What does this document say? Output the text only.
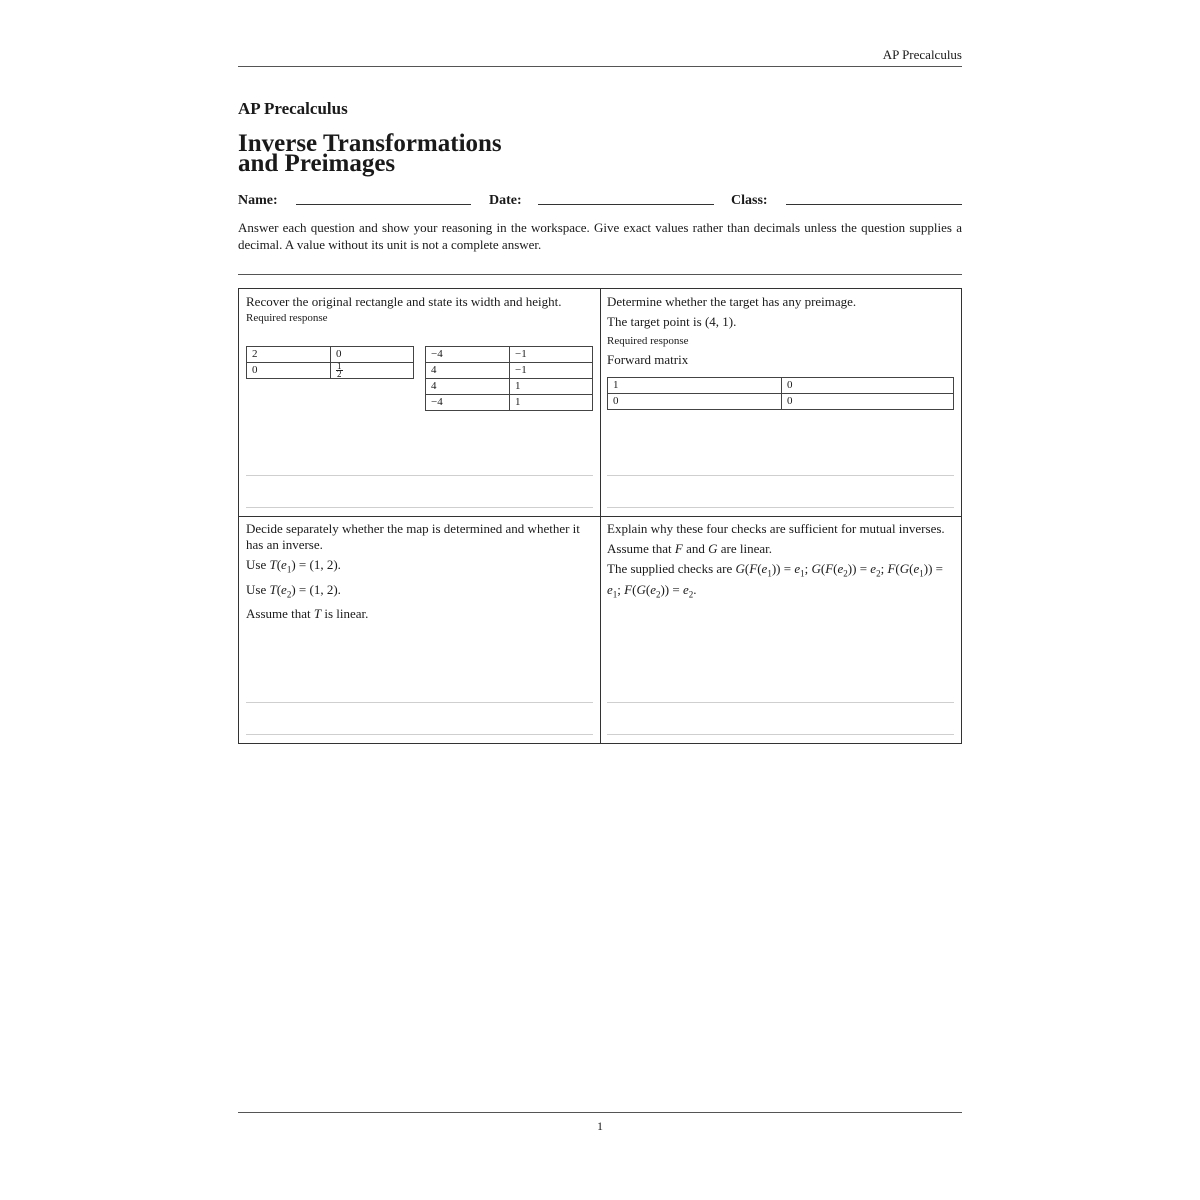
AP Precalculus
AP Precalculus
Inverse Transformations
and Preimages
Name:	Date:	Class:
Answer each question and show your reasoning in the workspace. Give exact values rather than decimals unless the question supplies a decimal. A value without its unit is not a complete answer.
Recover the original rectangle and state its width and height.
Required response
2	0
0	$\frac{1}{2}$
−4	−1
4	−1
4	1
−4	1
Determine whether the target has any preimage.
The target point is (4, 1).
Required response
Forward matrix
1	0
0	0
Decide separately whether the map is determined and whether it has an inverse.
Use $T(e_1) = (1$, 2).
Use $T(e_2) = (1$, 2).
Assume that T is linear.
Explain why these four checks are sufficient for mutual inverses.
Assume that F and G are linear.
The supplied checks are $G(F(e_1)) = e_1$; $G(F(e_2)) = e_2$; $F(G(e_1)) = e_1$; $F(G(e_2)) = e_2$.
1
